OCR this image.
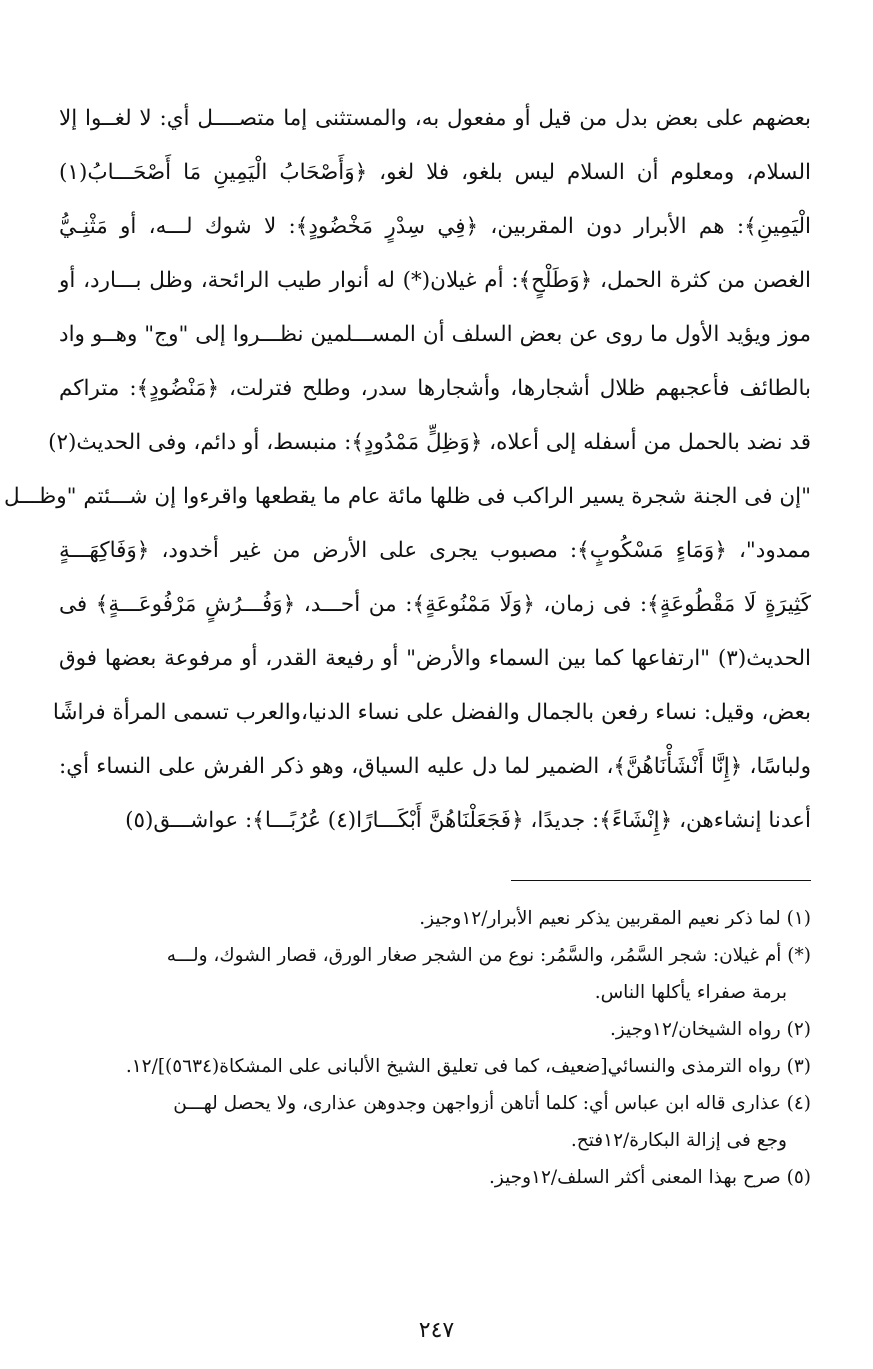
بعضهم على بعض بدل من قيل أو مفعول به، والمستثنى إما متصــــل أي: لا لغــوا إلا
السلام، ومعلوم أن السلام ليس بلغو، فلا لغو، ﴿وَأَصْحَابُ الْيَمِينِ مَا أَصْحَـــابُ(١)
الْيَمِينِ﴾: هم الأبرار دون المقربين، ﴿فِي سِدْرٍ مَخْضُودٍ﴾: لا شوك لـــه، أو مَثْنِـيُّ
الغصن من كثرة الحمل، ﴿وَطَلْحٍ﴾: أم غيلان(*) له أنوار طيب الرائحة، وظل بـــارد، أو
موز ويؤيد الأول ما روى عن بعض السلف أن المســـلمين نظـــروا إلى "وج" وهــو واد
بالطائف فأعجبهم ظلال أشجارها، وأشجارها سدر، وطلح فترلت، ﴿مَنْضُودٍ﴾: متراكم
قد نضد بالحمل من أسفله إلى أعلاه، ﴿وَظِلٍّ مَمْدُودٍ﴾: منبسط، أو دائم، وفى الحديث(٢)
"إن فى الجنة شجرة يسير الراكب فى ظلها مائة عام ما يقطعها واقرءوا إن شـــئتم "وظـــل
ممدود"، ﴿وَمَاءٍ مَسْكُوبٍ﴾: مصبوب يجرى على الأرض من غير أخدود، ﴿وَفَاكِهَـــةٍ
كَثِيرَةٍ لَا مَقْطُوعَةٍ﴾: فى زمان، ﴿وَلَا مَمْنُوعَةٍ﴾: من أحـــد، ﴿وَفُـــرُشٍ مَرْفُوعَـــةٍ﴾ فى
الحديث(٣) "ارتفاعها كما بين السماء والأرض" أو رفيعة القدر، أو مرفوعة بعضها فوق
بعض، وقيل: نساء رفعن بالجمال والفضل على نساء الدنيا،والعرب تسمى المرأة فراشًا
ولباسًا، ﴿إِنَّا أَنْشَأْنَاهُنَّ﴾، الضمير لما دل عليه السياق، وهو ذكر الفرش على النساء أي:
أعدنا إنشاءهن، ﴿إِنْشَاءً﴾: جديدًا، ﴿فَجَعَلْنَاهُنَّ أَبْكَـــارًا(٤) عُرُبًـــا﴾: عواشـــق(٥)
(١) لما ذكر نعيم المقربين يذكر نعيم الأبرار/١٢وجيز.
(*) أم غيلان: شجر السَّمُر، والسَّمُر: نوع من الشجر صغار الورق، قصار الشوك، ولـــه
برمة صفراء يأكلها الناس.
(٢) رواه الشيخان/١٢وجيز.
(٣) رواه الترمذى والنسائي[ضعيف، كما فى تعليق الشيخ الألبانى على المشكاة(٥٦٣٤)]/١٢.
(٤) عذارى قاله ابن عباس أي: كلما أتاهن أزواجهن وجدوهن عذارى، ولا يحصل لهـــن
وجع فى إزالة البكارة/١٢فتح.
(٥) صرح بهذا المعنى أكثر السلف/١٢وجيز.
٢٤٧
